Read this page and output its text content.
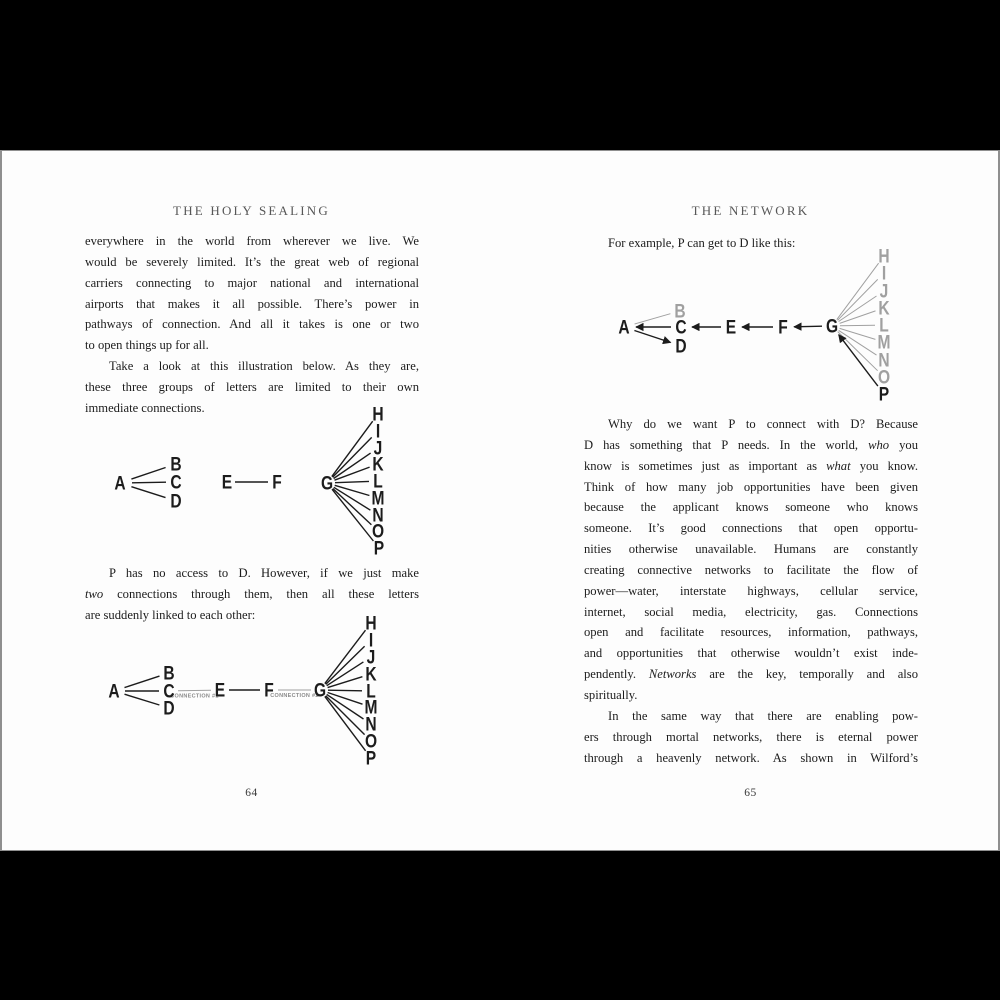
THE HOLY SEALING
everywhere in the world from wherever we live. We
would be severely limited. It’s the great web of regional
carriers connecting to major national and international
airports that makes it all possible. There’s power in
pathways of connection. And all it takes is one or two
to open things up for all.
Take a look at this illustration below. As they are,
these three groups of letters are limited to their own
immediate connections.
A
B
C
D
E F G
H
I
J
K
L
M
N
O
P
P has no access to D. However, if we just make
two connections through them, then all these letters
are suddenly linked to each other:
CONNECTION #1	CONNECTION #2
A
B
C
D
E F G
H
I
J
K
L
M
N
O
P
64
THE NETWORK
For example, P can get to D like this:
A
B
C
D
E F G
H
I
J
K
L
M
N
O
P
Why do we want P to connect with D? Because
D has something that P needs. In the world, who you
know is sometimes just as important as what you know.
Think of how many job opportunities have been given
because the applicant knows someone who knows
someone. It’s good connections that open opportu-
nities otherwise unavailable. Humans are constantly
creating connective networks to facilitate the flow of
power—water, interstate highways, cellular service,
internet, social media, electricity, gas. Connections
open and facilitate resources, information, pathways,
and opportunities that otherwise wouldn’t exist inde-
pendently. Networks are the key, temporally and also
spiritually.
In the same way that there are enabling pow-
ers through mortal networks, there is eternal power
through a heavenly network. As shown in Wilford’s
65
